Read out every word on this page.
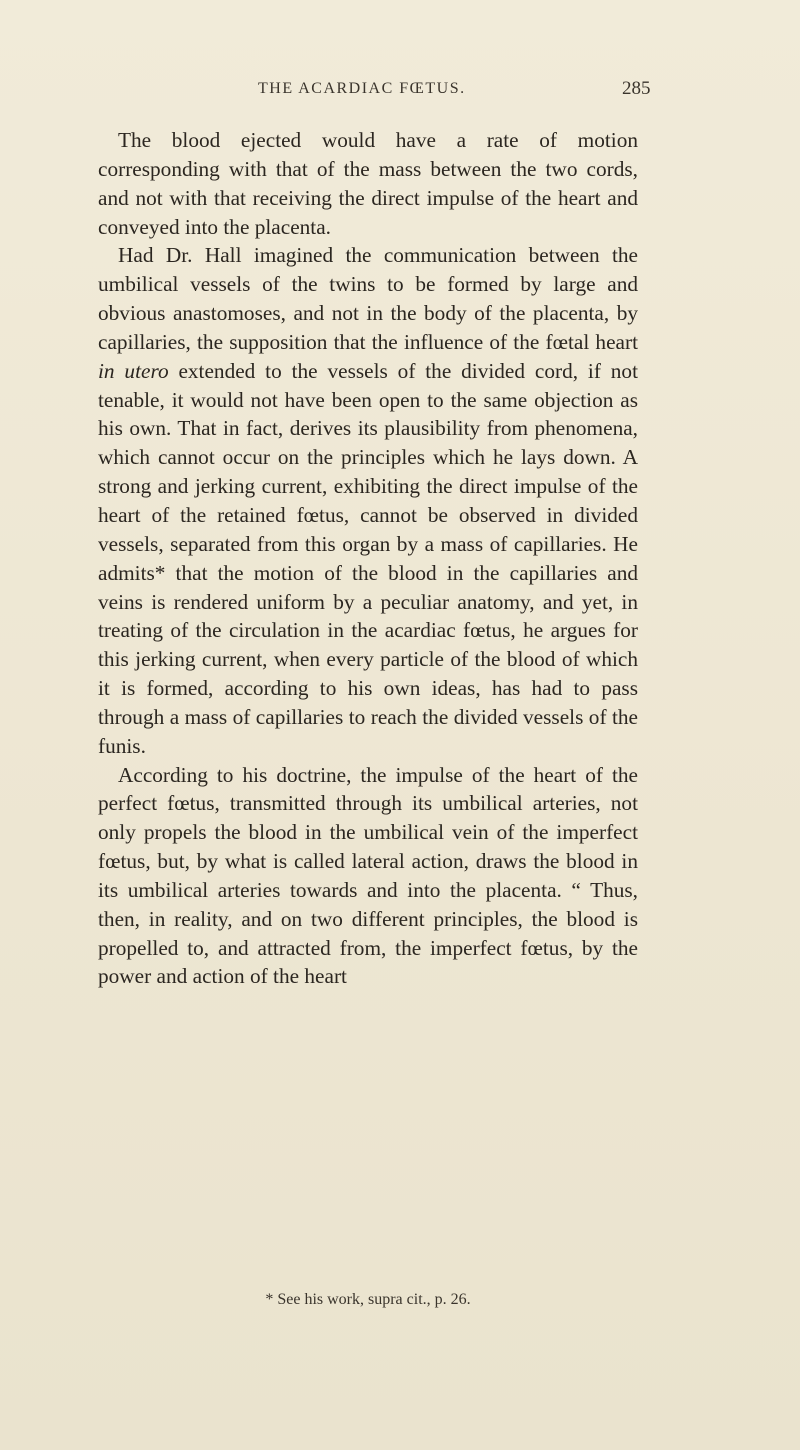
THE ACARDIAC FŒTUS.	285

The blood ejected would have a rate of motion corresponding with that of the mass between the two cords, and not with that receiving the direct impulse of the heart and conveyed into the placenta.

Had Dr. Hall imagined the communication between the umbilical vessels of the twins to be formed by large and obvious anastomoses, and not in the body of the placenta, by capillaries, the supposition that the influence of the fœtal heart in utero extended to the vessels of the divided cord, if not tenable, it would not have been open to the same objection as his own. That in fact, derives its plausibility from phenomena, which cannot occur on the principles which he lays down. A strong and jerking current, exhibiting the direct impulse of the heart of the retained fœtus, cannot be observed in divided vessels, separated from this organ by a mass of capillaries. He admits* that the motion of the blood in the capillaries and veins is rendered uniform by a peculiar anatomy, and yet, in treating of the circulation in the acardiac fœtus, he argues for this jerking current, when every particle of the blood of which it is formed, according to his own ideas, has had to pass through a mass of capillaries to reach the divided vessels of the funis.

According to his doctrine, the impulse of the heart of the perfect fœtus, transmitted through its umbilical arteries, not only propels the blood in the umbilical vein of the imperfect fœtus, but, by what is called lateral action, draws the blood in its umbilical arteries towards and into the placenta. “ Thus, then, in reality, and on two different principles, the blood is propelled to, and attracted from, the imperfect fœtus, by the power and action of the heart

* See his work, supra cit., p. 26.
